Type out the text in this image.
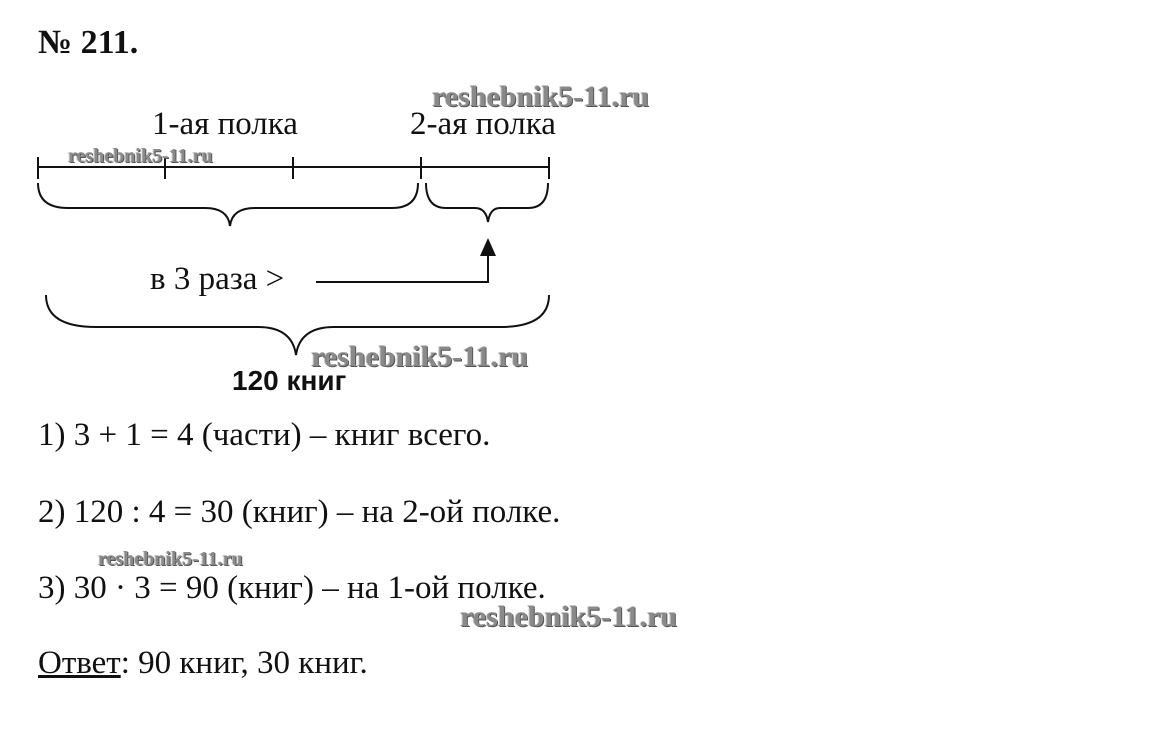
№ 211.
1-ая полка	2-ая полка
в 3 раза >
120 книг
1) 3 + 1 = 4 (части) – книг всего.
2) 120 : 4 = 30 (книг) – на 2-ой полке.
3) 30 · 3 = 90 (книг) – на 1-ой полке.
Ответ: 90 книг, 30 книг.
reshebnik5-11.ru
reshebnik5-11.ru
reshebnik5-11.ru
reshebnik5-11.ru
reshebnik5-11.ru
